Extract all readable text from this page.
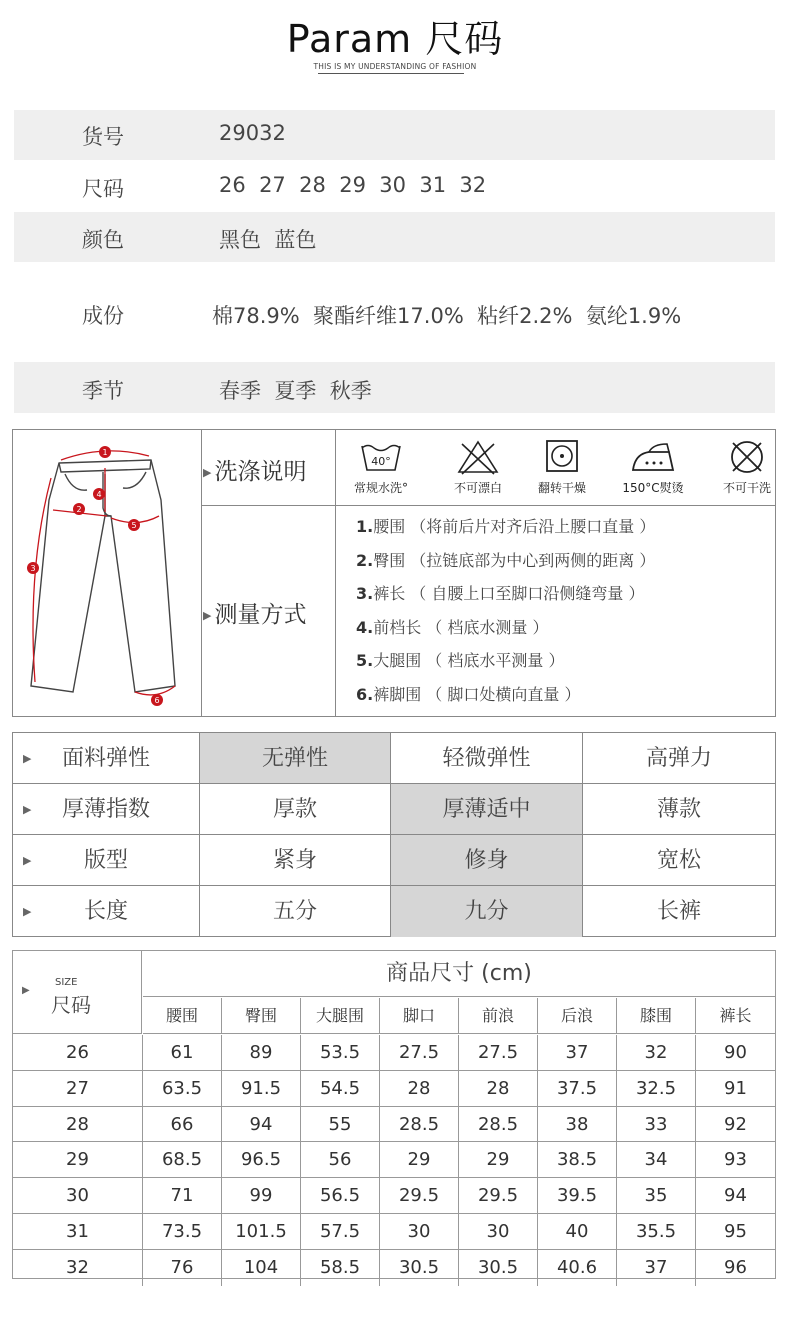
Param 尺码
THIS IS MY UNDERSTANDING OF FASHION
货号	29032
尺码	26  27  28  29  30  31  32
颜色	黑色  蓝色
成份	棉78.9%  聚酯纤维17.0%  粘纤2.2%  氨纶1.9%
季节	春季  夏季  秋季
1
2
3
4
5
6
▶ 洗涤说明
▶ 测量方式
40°
常规水洗°	不可漂白	翻转干燥	150°C熨烫	不可干洗
1.腰围 （将前后片对齐后沿上腰口直量 ）
2.臀围 （拉链底部为中心到两侧的距离 ）
3.裤长 （ 自腰上口至脚口沿侧缝弯量 ）
4.前档长 （ 档底水测量 ）
5.大腿围 （ 档底水平测量 ）
6.裤脚围 （ 脚口处横向直量 ）
▶ 面料弹性	无弹性	轻微弹性	高弹力
▶ 厚薄指数	厚款	厚薄适中	薄款
▶ 版型	紧身	修身	宽松
▶ 长度	五分	九分	长裤
▶
SIZE
尺码
商品尺寸 (cm)
腰围	臀围	大腿围	脚口	前浪	后浪	膝围	裤长
26	61	89	53.5	27.5	27.5	37	32	90
27	63.5	91.5	54.5	28	28	37.5	32.5	91
28	66	94	55	28.5	28.5	38	33	92
29	68.5	96.5	56	29	29	38.5	34	93
30	71	99	56.5	29.5	29.5	39.5	35	94
31	73.5	101.5	57.5	30	30	40	35.5	95
32	76	104	58.5	30.5	30.5	40.6	37	96
